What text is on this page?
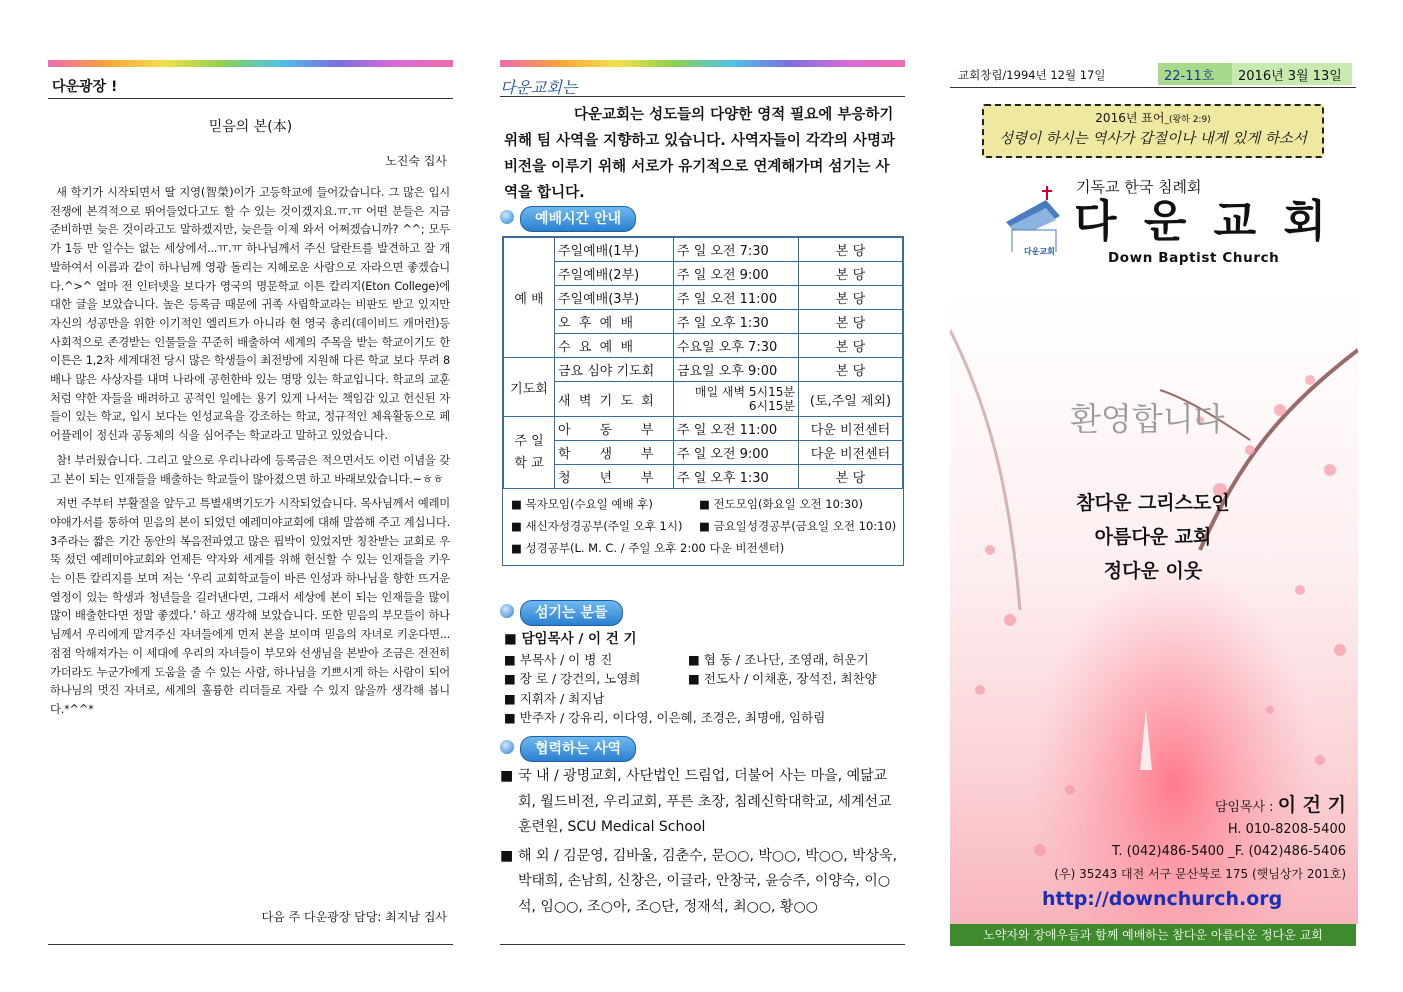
다운광장 !
믿음의 본(本)
노진숙 집사

새 학기가 시작되면서 딸 지영(智榮)이가 고등학교에 들어갔습니다. 그 많은 입시 전쟁에 본격적으로 뛰어들었다고도 할 수 있는 것이겠지요.ㅠ.ㅠ 어떤 분들은 지금 준비하면 늦은 것이라고도 말하겠지만, 늦은들 이제 와서 어쩌겠습니까? ^^; 모두가 1등 만 일수는 없는 세상에서...ㅠ.ㅠ 하나님께서 주신 달란트를 발견하고 잘 개발하여서 이름과 같이 하나님께 영광 돌리는 지혜로운 사람으로 자라으면 좋겠습니다.^>^ 얼마 전 인터넷을 보다가 영국의 명문학교 이튼 칼리지(Eton College)에 대한 글을 보았습니다. 높은 등록금 때문에 귀족 사립학교라는 비판도 받고 있지만 자신의 성공만을 위한 이기적인 엘리트가 아니라 현 영국 총리(데이비드 캐머런)등 사회적으로 존경받는 인물들을 꾸준히 배출하여 세계의 주목을 받는 학교이기도 한 이튼은 1,2차 세계대전 당시 많은 학생들이 최전방에 지원해 다른 학교 보다 무려 8배나 많은 사상자를 내며 나라에 공헌한바 있는 명망 있는 학교입니다. 학교의 교훈처럼 약한 자들을 배려하고 공적인 일에는 용기 있게 나서는 책임감 있고 헌신된 자들이 있는 학교, 입시 보다는 인성교육을 강조하는 학교, 정규적인 체육활동으로 페어플레이 정신과 공동체의 식을 심어주는 학교라고 말하고 있었습니다.

참! 부러웠습니다. 그리고 앞으로 우리나라에 등록금은 적으면서도 이런 이념을 갖고 본이 되는 인재들을 배출하는 학교들이 많아졌으면 하고 바래보았습니다.~ㅎㅎ

저번 주부터 부활절을 앞두고 특별새벽기도가 시작되었습니다. 목사님께서 예레미야애가서를 통하여 믿음의 본이 되었던 예레미야교회에 대해 말씀해 주고 계십니다. 3주라는 짧은 기간 동안의 복음전파였고 많은 핍박이 있었지만 칭찬받는 교회로 우뚝 섰던 예레미야교회와 언제든 약자와 세계를 위해 헌신할 수 있는 인재들을 키우는 이튼 칼리지를 보며 저는 ‘우리 교회학교들이 바른 인성과 하나님을 향한 뜨거운 열정이 있는 학생과 청년들을 길러낸다면, 그래서 세상에 본이 되는 인재들을 많이많이 배출한다면 정말 좋겠다.’ 하고 생각해 보았습니다. 또한 믿음의 부모들이 하나님께서 우리에게 맡겨주신 자녀들에게 먼저 본을 보이며 믿음의 자녀로 키운다면... 점점 악해져가는 이 세대에 우리의 자녀들이 부모와 선생님을 본받아 조금은 전전히 가더라도 누군가에게 도움을 줄 수 있는 사람, 하나님을 기쁘시게 하는 사람이 되어 하나님의 멋진 자녀로, 세계의 훌륭한 리더들로 자랄 수 있지 않을까 생각해 봅니다.*^^*

다음 주 다운광장 담당: 최지남 집사
다운교회는
다운교회는 성도들의 다양한 영적 필요에 부응하기 위해 팀 사역을 지향하고 있습니다. 사역자들이 각각의 사명과 비전을 이루기 위해 서로가 유기적으로 연계해가며 섬기는 사역을 합니다.
예배시간 안내
예 배	주일예배(1부)	주 일 오전 7:30	본 당
	주일예배(2부)	주 일 오전 9:00	본 당
	주일예배(3부)	주 일 오전 11:00	본 당
	오  후  예  배	주 일 오후 1:30	본 당
	수  요  예  배	수요일 오후 7:30	본 당
기도회	금요 심야 기도회	금요일 오후 9:00	본 당
	새  벽  기  도  회	매일 새벽 5시15분
6시15분	(토,주일 제외)
주 일
학 교	아       동       부	주 일 오전 11:00	다운 비전센터
	학       생       부	주 일 오전 9:00	다운 비전센터
	청       년       부	주 일 오후 1:30	본 당
■ 목자모임(수요일 예배 후)	■ 전도모임(화요일 오전 10:30)
■ 새신자성경공부(주일 오후 1시)	■ 금요일성경공부(금요일 오전 10:10)
■ 성경공부(L. M. C. / 주일 오후 2:00 다운 비전센터)
섬기는 분들
■ 담임목사 / 이 건 기
■ 부목사 / 이 병 진	■ 협 동 / 조나단, 조영래, 허운기
■ 장 로 / 강건의, 노영희	■ 전도사 / 이채훈, 장석진, 최찬양
■ 지휘자 / 최지남
■ 반주자 / 강유리, 이다영, 이은혜, 조경은, 최명애, 임하림
협력하는 사역
■ 국 내 / 광명교회, 사단법인 드림업, 더불어 사는 마을, 예닮교회, 월드비전, 우리교회, 푸른 초장, 침례신학대학교, 세계선교 훈련원, SCU Medical School
■ 해 외 / 김문영, 김바울, 김춘수, 문○○, 박○○, 박○○, 박상욱, 박태희, 손남희, 신창은, 이글라, 안창국, 윤승주, 이양숙, 이○석, 임○○, 조○아, 조○단, 정재석, 최○○, 황○○
교회창립/1994년 12월 17일	22-11호 2016년 3월 13일
2016년 표어_(왕하 2:9)
성령이 하시는 역사가 갑절이나 내게 있게 하소서
다운교회
기독교 한국 침례회
다 운 교 회
Down Baptist Church
환영합니다
참다운 그리스도인
아름다운 교회
정다운 이웃
담임목사 : 이 건 기
H. 010-8208-5400
T. (042)486-5400 _F. (042)486-5406
(우) 35243 대전 서구 문산북로 175 (햇님상가 201호)
http://downchurch.org
노약자와 장애우들과 함께 예배하는 참다운 아름다운 정다운 교회
